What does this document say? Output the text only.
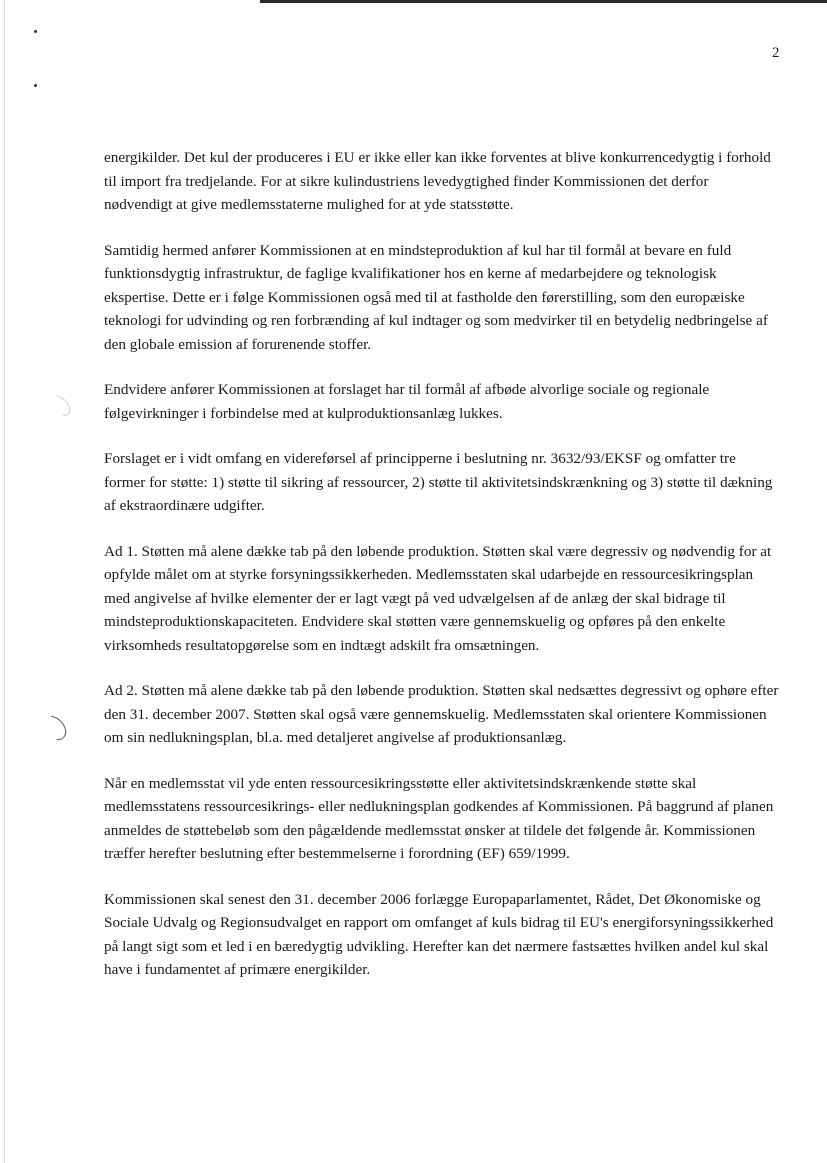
2

energikilder. Det kul der produceres i EU er ikke eller kan ikke forventes at blive konkurrencedygtig i forhold til import fra tredjelande. For at sikre kulindustriens levedygtighed finder Kommissionen det derfor nødvendigt at give medlemsstaterne mulighed for at yde statsstøtte.

Samtidig hermed anfører Kommissionen at en mindsteproduktion af kul har til formål at bevare en fuld funktionsdygtig infrastruktur, de faglige kvalifikationer hos en kerne af medarbejdere og teknologisk ekspertise. Dette er i følge Kommissionen også med til at fastholde den førerstilling, som den europæiske teknologi for udvinding og ren forbrænding af kul indtager og som medvirker til en betydelig nedbringelse af den globale emission af forurenende stoffer.

Endvidere anfører Kommissionen at forslaget har til formål af afbøde alvorlige sociale og regionale følgevirkninger i forbindelse med at kulproduktionsanlæg lukkes.

Forslaget er i vidt omfang en videreførsel af principperne i beslutning nr. 3632/93/EKSF og omfatter tre former for støtte: 1) støtte til sikring af ressourcer, 2) støtte til aktivitetsindskrænkning og 3) støtte til dækning af ekstraordinære udgifter.

Ad 1. Støtten må alene dække tab på den løbende produktion. Støtten skal være degressiv og nødvendig for at opfylde målet om at styrke forsyningssikkerheden. Medlemsstaten skal udarbejde en ressourcesikringsplan med angivelse af hvilke elementer der er lagt vægt på ved udvælgelsen af de anlæg der skal bidrage til mindsteproduktionskapaciteten. Endvidere skal støtten være gennemskuelig og opføres på den enkelte virksomheds resultatopgørelse som en indtægt adskilt fra omsætningen.

Ad 2. Støtten må alene dække tab på den løbende produktion. Støtten skal nedsættes degressivt og ophøre efter den 31. december 2007. Støtten skal også være gennemskuelig. Medlemsstaten skal orientere Kommissionen om sin nedlukningsplan, bl.a. med detaljeret angivelse af produktionsanlæg.

Når en medlemsstat vil yde enten ressourcesikringsstøtte eller aktivitetsindskrænkende støtte skal medlemsstatens ressourcesikrings- eller nedlukningsplan godkendes af Kommissionen. På baggrund af planen anmeldes de støttebeløb som den pågældende medlemsstat ønsker at tildele det følgende år. Kommissionen træffer herefter beslutning efter bestemmelserne i forordning (EF) 659/1999.

Kommissionen skal senest den 31. december 2006 forlægge Europaparlamentet, Rådet, Det Økonomiske og Sociale Udvalg og Regionsudvalget en rapport om omfanget af kuls bidrag til EU's energiforsyningssikkerhed på langt sigt som et led i en bæredygtig udvikling. Herefter kan det nærmere fastsættes hvilken andel kul skal have i fundamentet af primære energikilder.
